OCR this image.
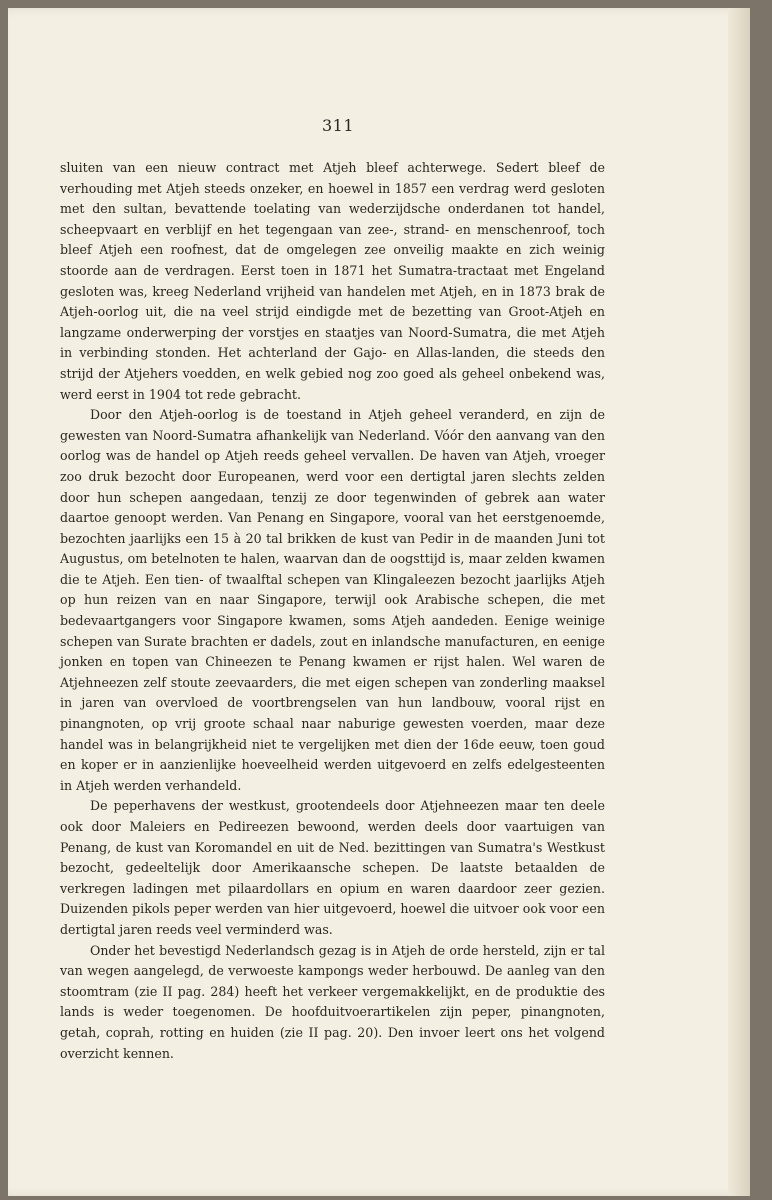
311

sluiten van een nieuw contract met Atjeh bleef achterwege. Sedert bleef de verhouding met Atjeh steeds onzeker, en hoewel in 1857 een verdrag werd gesloten met den sultan, bevattende toelating van wederzijdsche onderdanen tot handel, scheepvaart en verblijf en het tegengaan van zee-, strand- en menschenroof, toch bleef Atjeh een roofnest, dat de omgelegen zee onveilig maakte en zich weinig stoorde aan de verdragen. Eerst toen in 1871 het Sumatra-tractaat met Engeland gesloten was, kreeg Nederland vrijheid van handelen met Atjeh, en in 1873 brak de Atjeh-oorlog uit, die na veel strijd eindigde met de bezetting van Groot-Atjeh en langzame onderwerping der vorstjes en staatjes van Noord-Sumatra, die met Atjeh in verbinding stonden. Het achterland der Gajo- en Allas-landen, die steeds den strijd der Atjehers voedden, en welk gebied nog zoo goed als geheel onbekend was, werd eerst in 1904 tot rede gebracht.

Door den Atjeh-oorlog is de toestand in Atjeh geheel veranderd, en zijn de gewesten van Noord-Sumatra afhankelijk van Nederland. Vóór den aanvang van den oorlog was de handel op Atjeh reeds geheel vervallen. De haven van Atjeh, vroeger zoo druk bezocht door Europeanen, werd voor een dertigtal jaren slechts zelden door hun schepen aangedaan, tenzij ze door tegenwinden of gebrek aan water daartoe genoopt werden. Van Penang en Singapore, vooral van het eerstgenoemde, bezochten jaarlijks een 15 à 20 tal brikken de kust van Pedir in de maanden Juni tot Augustus, om betelnoten te halen, waarvan dan de oogsttijd is, maar zelden kwamen die te Atjeh. Een tien- of twaalftal schepen van Klingaleezen bezocht jaarlijks Atjeh op hun reizen van en naar Singapore, terwijl ook Arabische schepen, die met bedevaartgangers voor Singapore kwamen, soms Atjeh aandeden. Eenige weinige schepen van Surate brachten er dadels, zout en inlandsche manufacturen, en eenige jonken en topen van Chineezen te Penang kwamen er rijst halen. Wel waren de Atjehneezen zelf stoute zeevaarders, die met eigen schepen van zonderling maaksel in jaren van overvloed de voortbrengselen van hun landbouw, vooral rijst en pinangnoten, op vrij groote schaal naar naburige gewesten voerden, maar deze handel was in belangrijkheid niet te vergelijken met dien der 16de eeuw, toen goud en koper er in aanzienlijke hoeveelheid werden uitgevoerd en zelfs edelgesteenten in Atjeh werden verhandeld.

De peperhavens der westkust, grootendeels door Atjehneezen maar ten deele ook door Maleiers en Pedireezen bewoond, werden deels door vaartuigen van Penang, de kust van Koromandel en uit de Ned. bezittingen van Sumatra's Westkust bezocht, gedeeltelijk door Amerikaansche schepen. De laatste betaalden de verkregen ladingen met pilaardollars en opium en waren daardoor zeer gezien. Duizenden pikols peper werden van hier uitgevoerd, hoewel die uitvoer ook voor een dertigtal jaren reeds veel verminderd was.

Onder het bevestigd Nederlandsch gezag is in Atjeh de orde hersteld, zijn er tal van wegen aangelegd, de verwoeste kampongs weder herbouwd. De aanleg van den stoomtram (zie II pag. 284) heeft het verkeer vergemakkelijkt, en de produktie des lands is weder toegenomen. De hoofduitvoerartikelen zijn peper, pinangnoten, getah, coprah, rotting en huiden (zie II pag. 20). Den invoer leert ons het volgend overzicht kennen.
